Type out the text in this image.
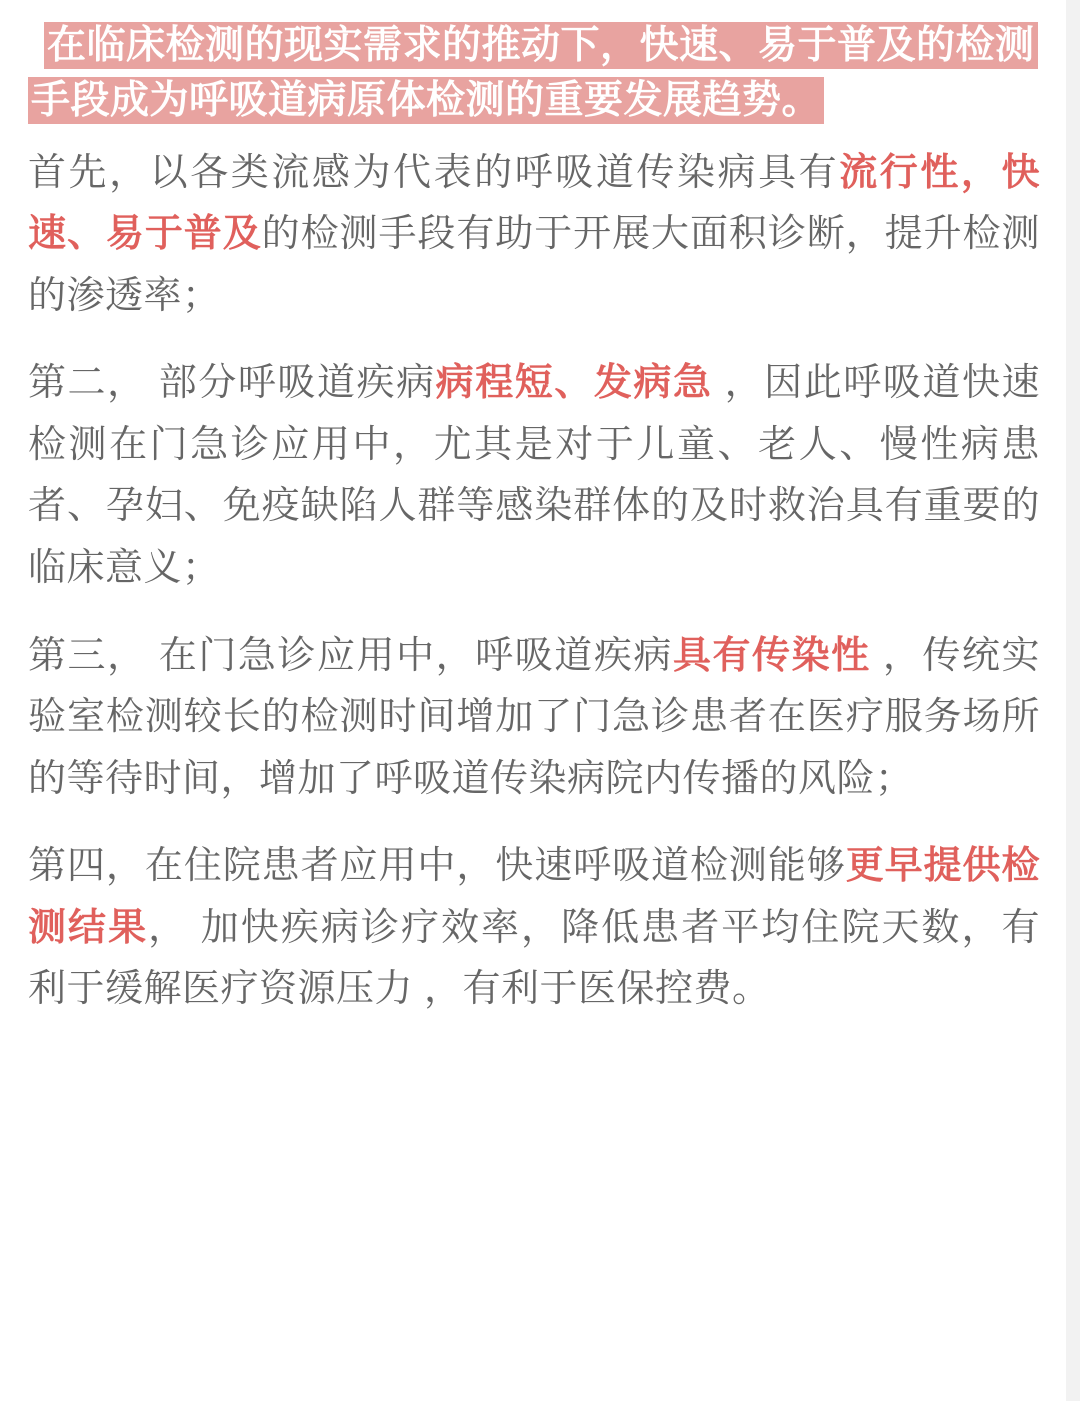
在临床检测的现实需求的推动下，快速、易于普及的检测手段成为呼吸道病原体检测的重要发展趋势。

首先，以各类流感为代表的呼吸道传染病具有流行性，快速、易于普及的检测手段有助于开展大面积诊断，提升检测的渗透率；

第二， 部分呼吸道疾病病程短、发病急 ，因此呼吸道快速检测在门急诊应用中，尤其是对于儿童、老人、慢性病患者、孕妇、免疫缺陷人群等感染群体的及时救治具有重要的临床意义；

第三， 在门急诊应用中，呼吸道疾病具有传染性 ，传统实验室检测较长的检测时间增加了门急诊患者在医疗服务场所的等待时间，增加了呼吸道传染病院内传播的风险；

第四，在住院患者应用中，快速呼吸道检测能够更早提供检测结果， 加快疾病诊疗效率，降低患者平均住院天数，有利于缓解医疗资源压力 ，有利于医保控费。
